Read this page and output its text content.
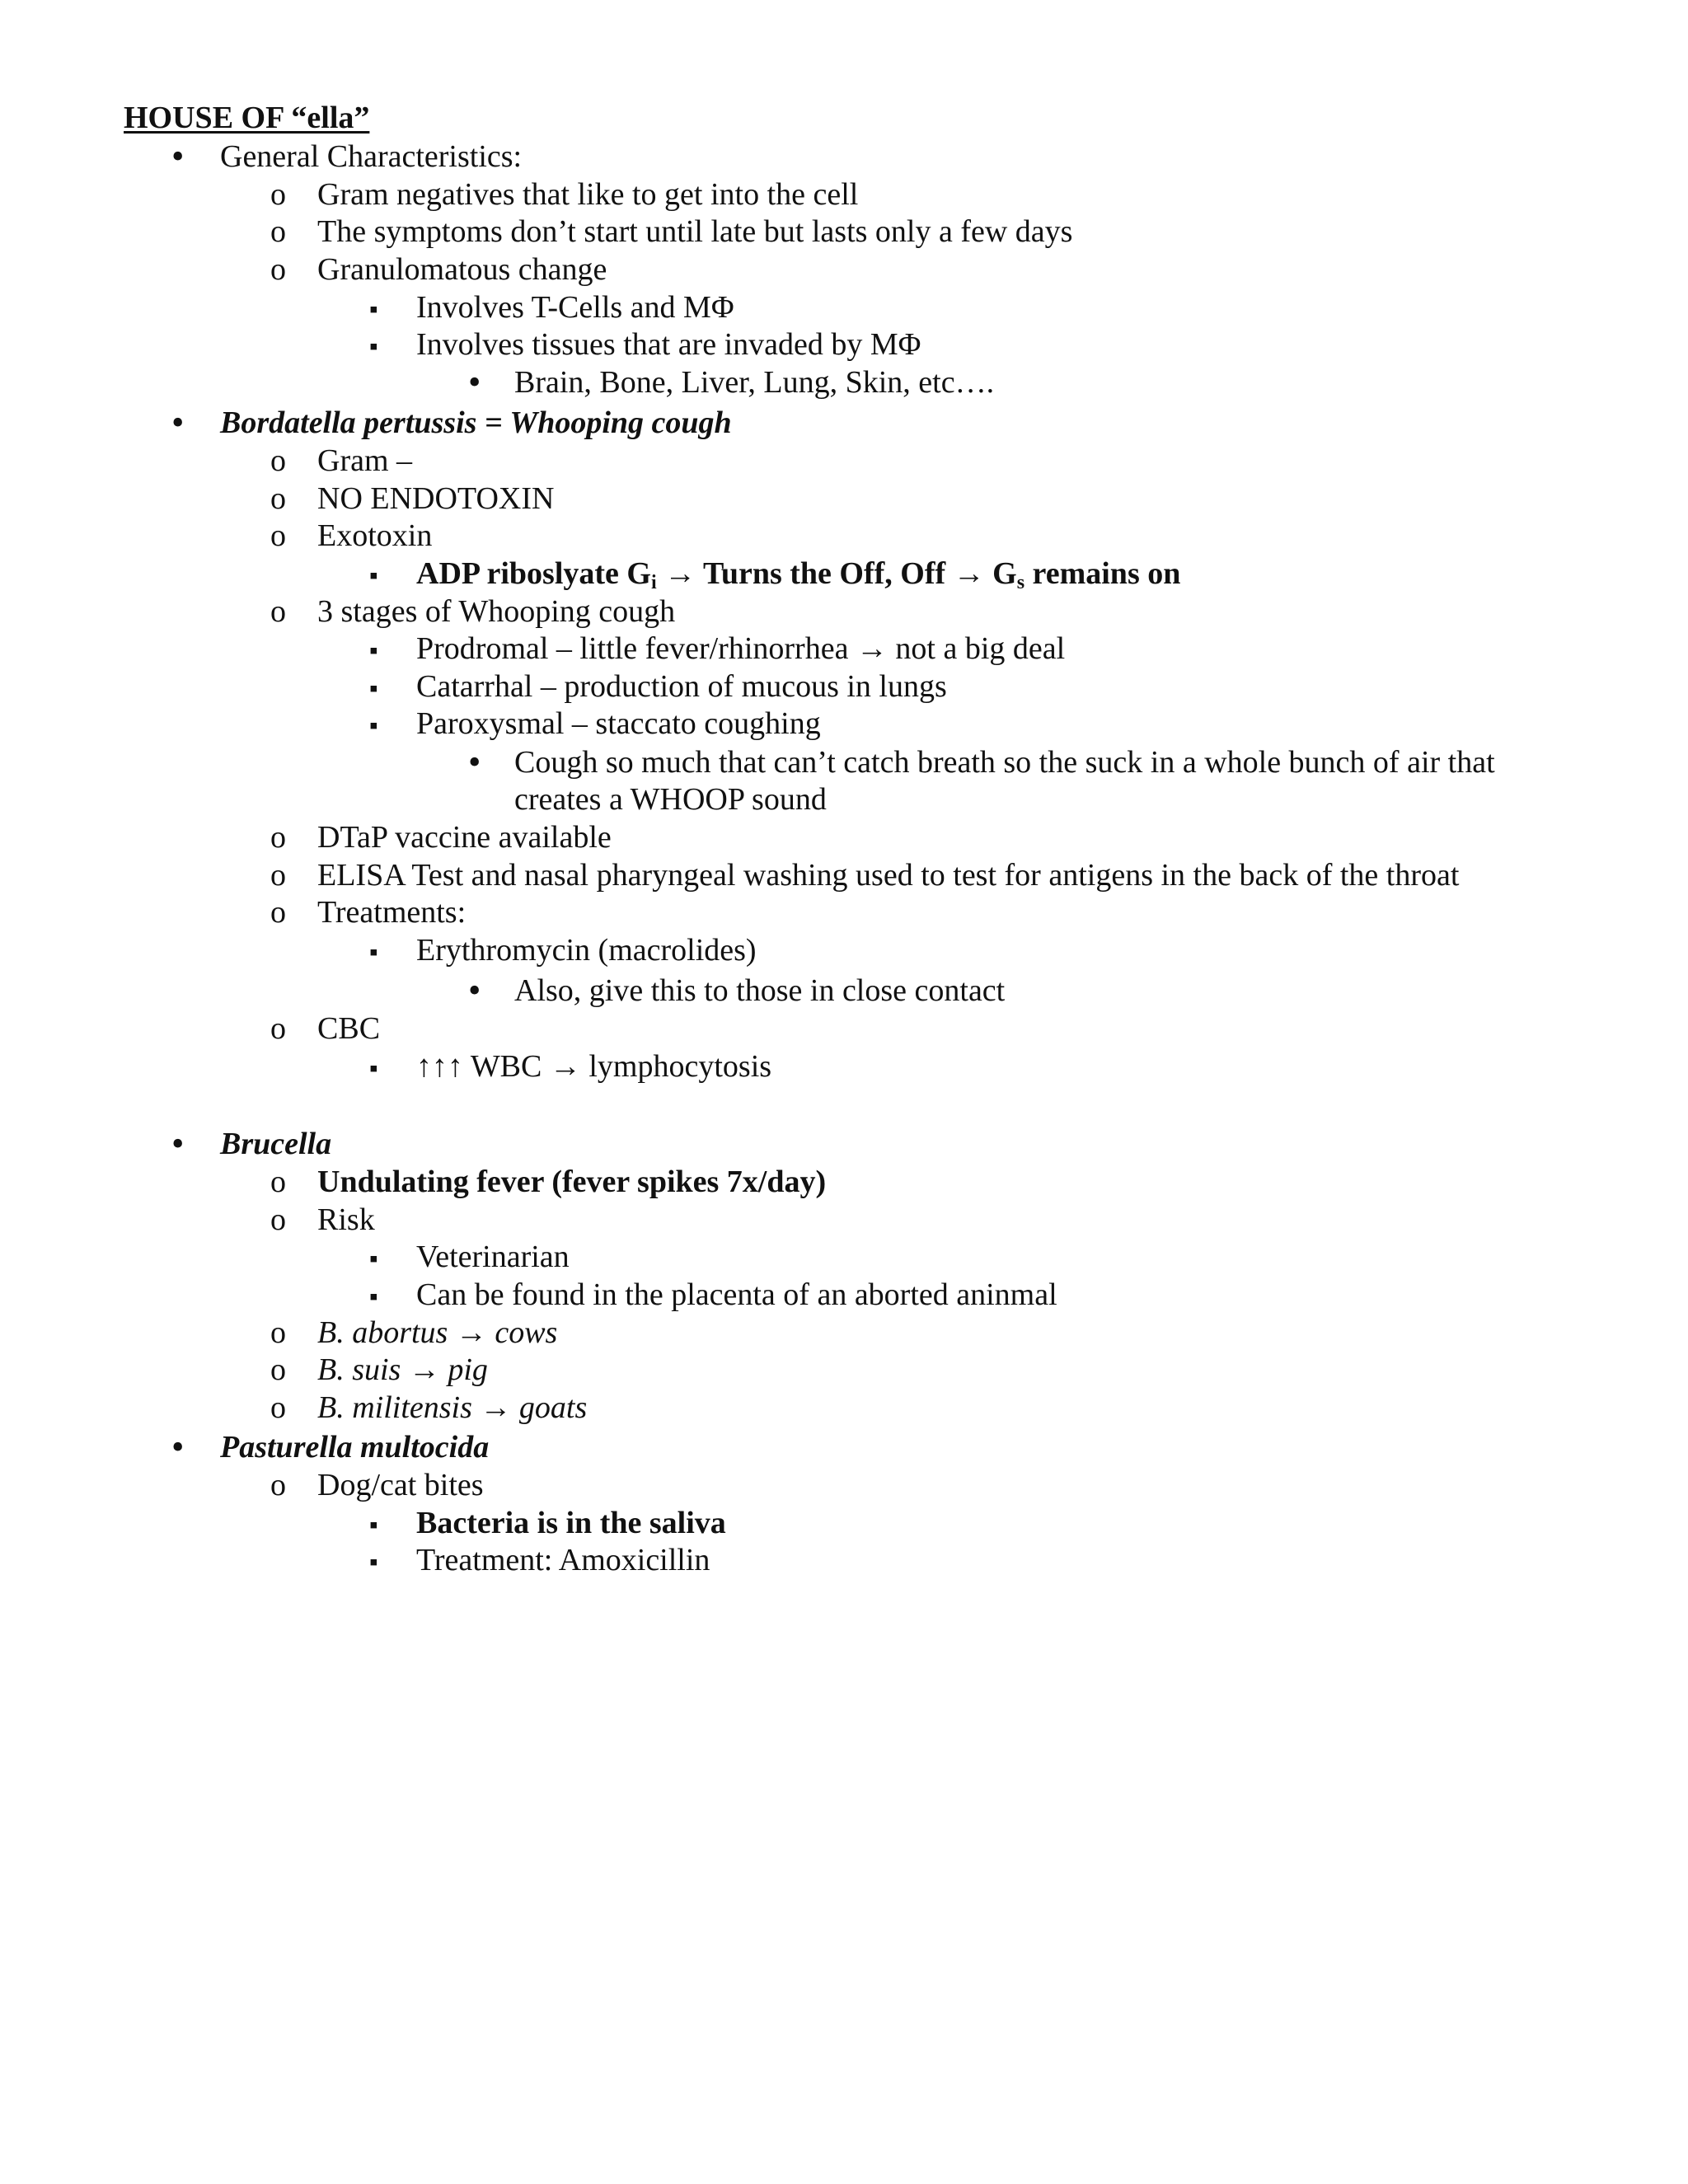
HOUSE OF “ella”
•
General Characteristics:
o
Gram negatives that like to get into the cell
o
The symptoms don’t start until late but lasts only a few days
o
Granulomatous change
▪
Involves T-Cells and MΦ
▪
Involves tissues that are invaded by MΦ
•
Brain, Bone, Liver, Lung, Skin, etc….
•
Bordatella pertussis = Whooping cough
o
Gram –
o
NO ENDOTOXIN
o
Exotoxin
▪
ADP riboslyate $G_i$ → Turns the Off, Off → $G_s$ remains on
o
3 stages of Whooping cough
▪
Prodromal – little fever/rhinorrhea → not a big deal
▪
Catarrhal – production of mucous in lungs
▪
Paroxysmal – staccato coughing
•
Cough so much that can’t catch breath so the suck in a whole bunch of air that
creates a WHOOP sound
o
DTaP vaccine available
o
ELISA Test and nasal pharyngeal washing used to test for antigens in the back of the throat
o
Treatments:
▪
Erythromycin (macrolides)
•
Also, give this to those in close contact
o
CBC
▪
↑↑↑ WBC → lymphocytosis
•
Brucella
o
Undulating fever (fever spikes 7x/day)
o
Risk
▪
Veterinarian
▪
Can be found in the placenta of an aborted aninmal
o
B. abortus → cows
o
B. suis → pig
o
B. militensis → goats
•
Pasturella multocida
o
Dog/cat bites
▪
Bacteria is in the saliva
▪
Treatment: Amoxicillin
